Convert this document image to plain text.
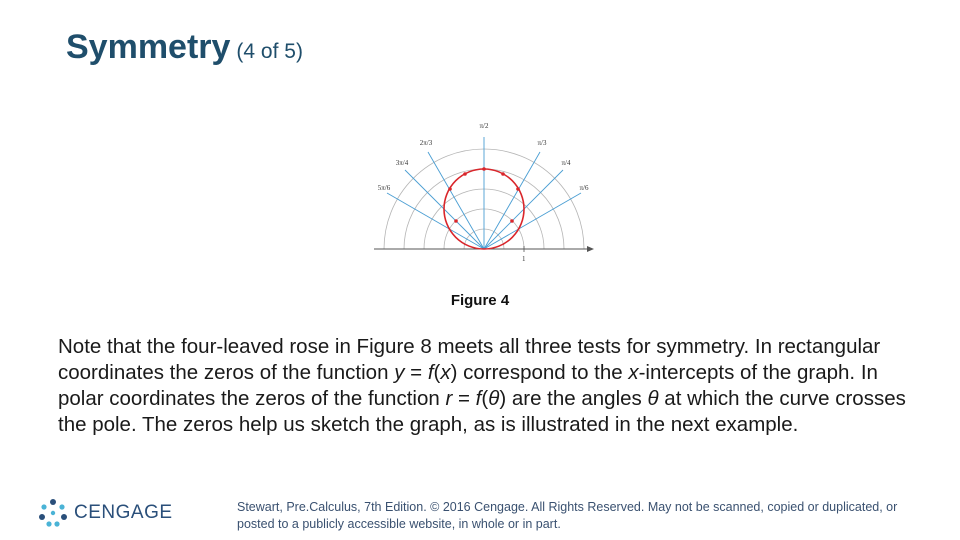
Symmetry (4 of 5)
1
π/2
π/3
2π/3
π/6
5π/6
π/4
3π/4
Figure 4

Note that the four-leaved rose in Figure 8 meets all three tests for symmetry. In rectangular coordinates the zeros of the function y = f(x) correspond to the x-intercepts of the graph. In polar coordinates the zeros of the function r = f(θ) are the angles θ at which the curve crosses the pole. The zeros help us sketch the graph, as is illustrated in the next example.

CENGAGE	Stewart, Pre.Calculus, 7th Edition. © 2016 Cengage. All Rights Reserved. May not be scanned, copied or duplicated, or posted to a publicly accessible website, in whole or in part.
